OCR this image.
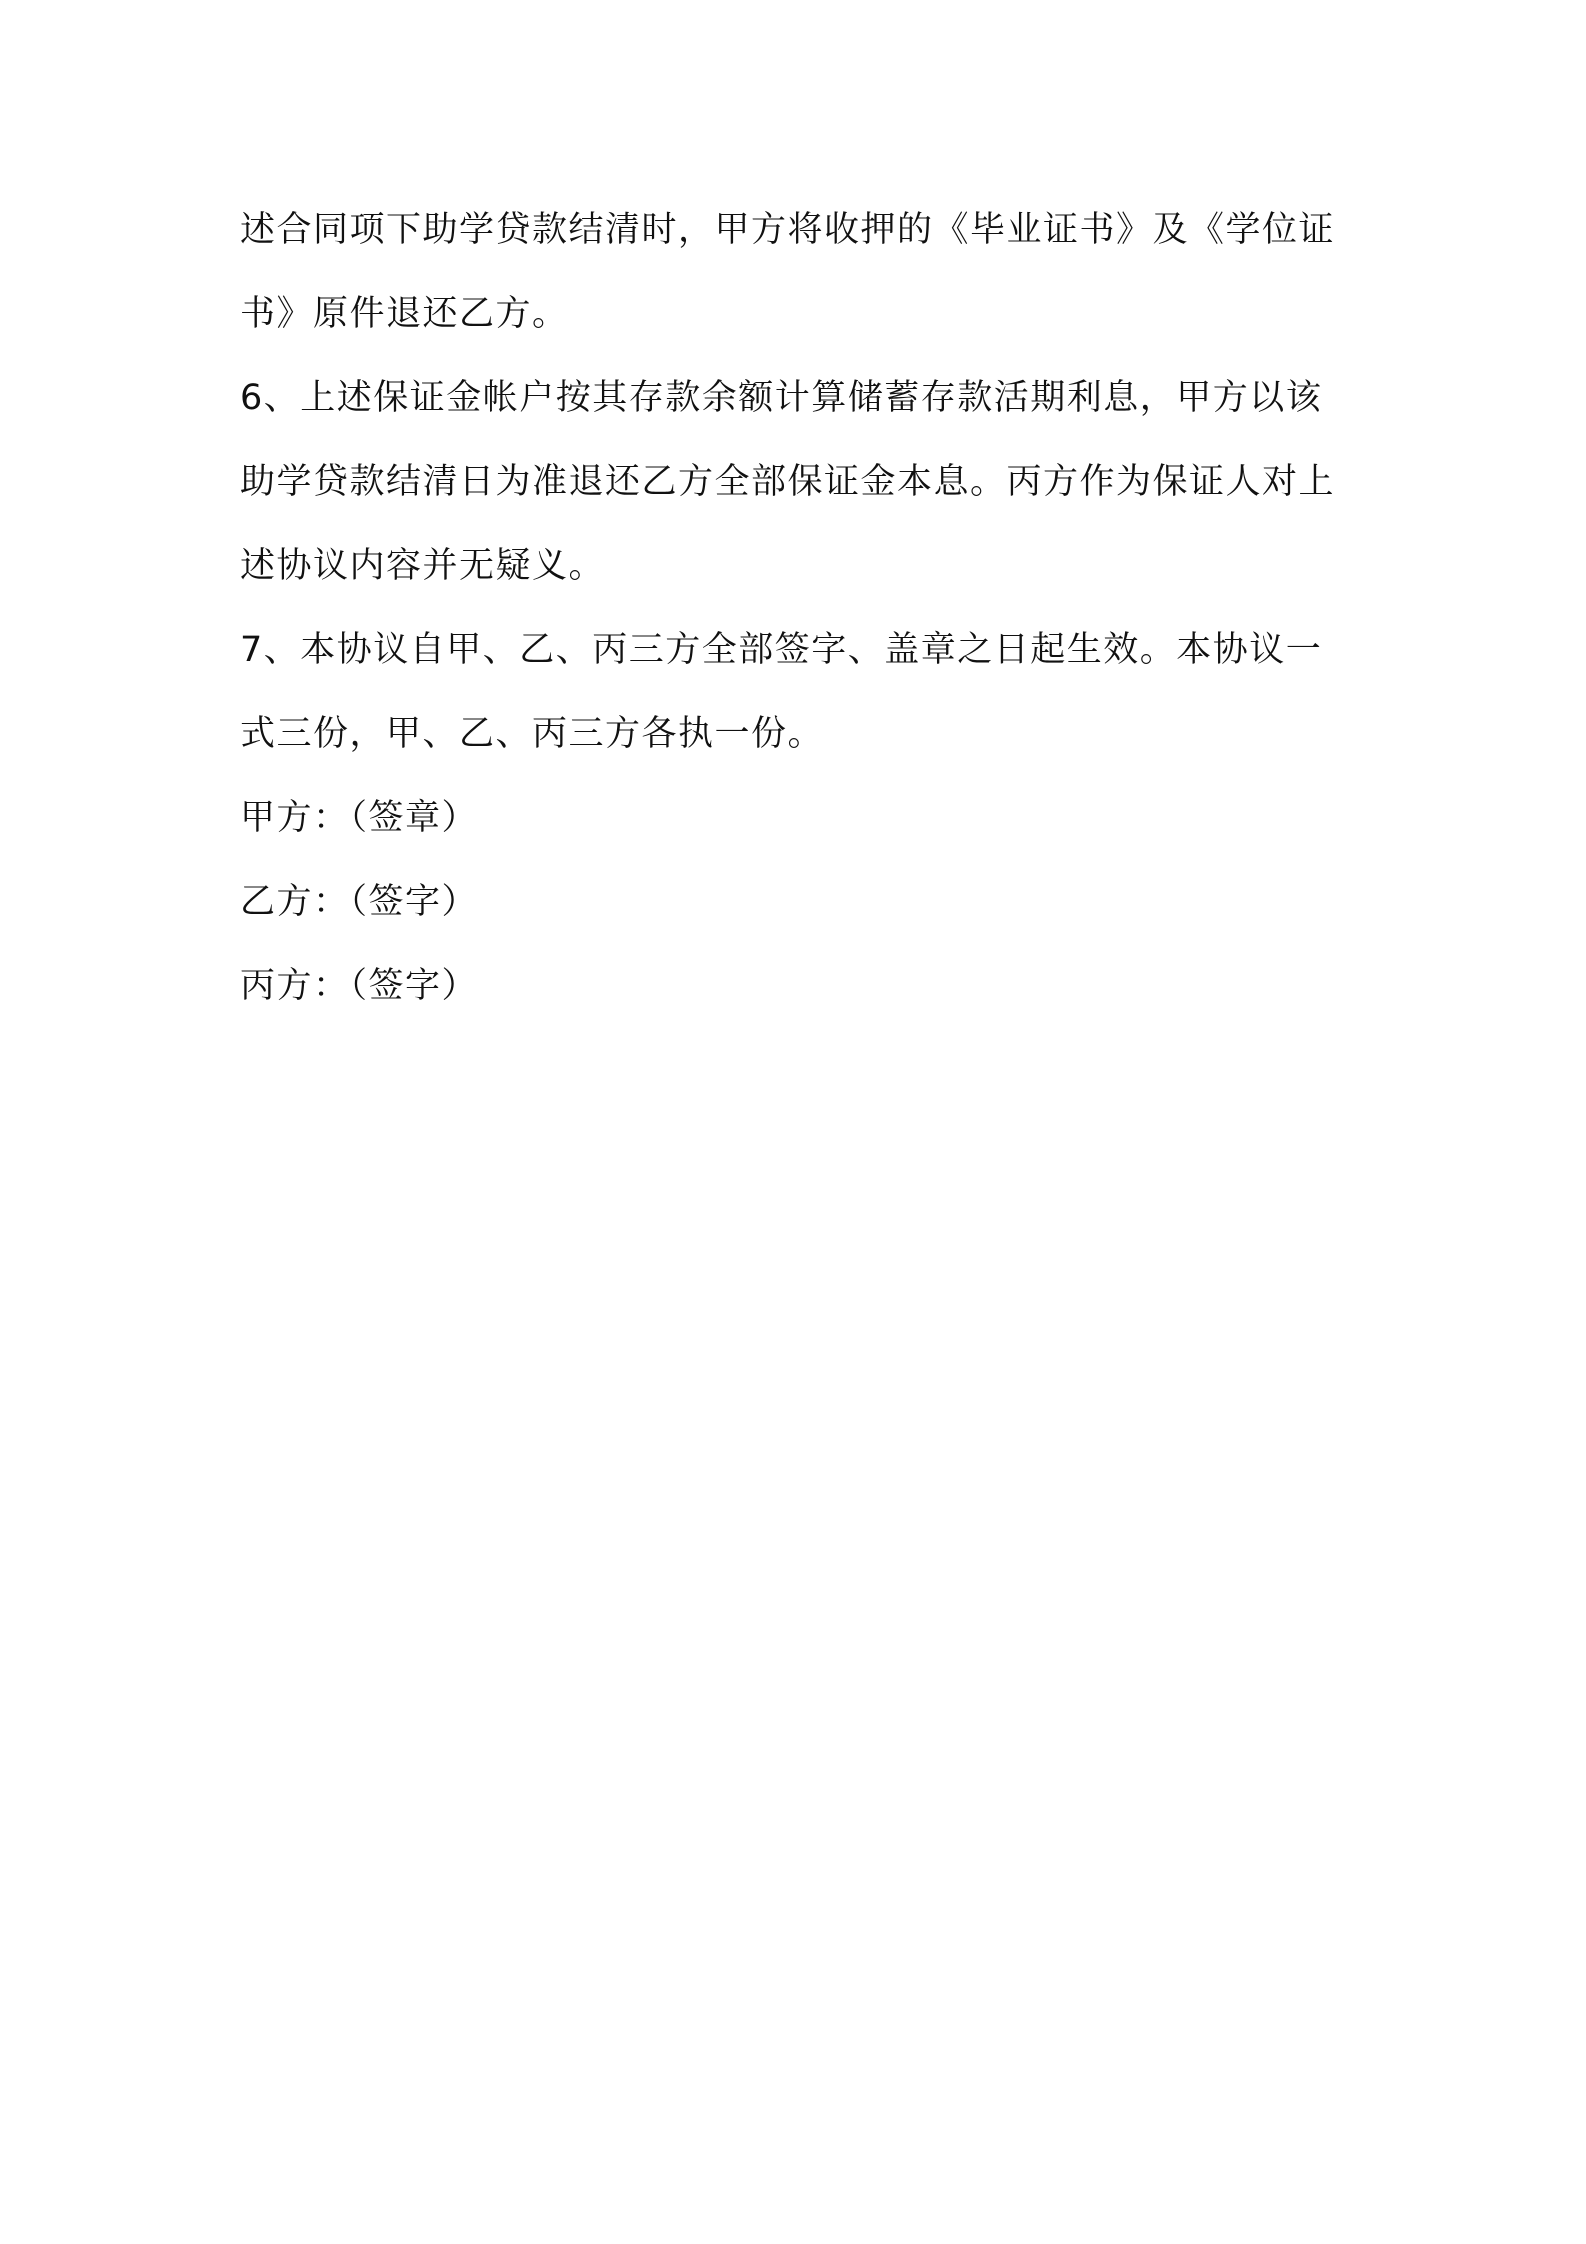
述合同项下助学贷款结清时，甲方将收押的《毕业证书》及《学位证
书》原件退还乙方。
6、上述保证金帐户按其存款余额计算储蓄存款活期利息，甲方以该
助学贷款结清日为准退还乙方全部保证金本息。丙方作为保证人对上
述协议内容并无疑义。
7、本协议自甲、乙、丙三方全部签字、盖章之日起生效。本协议一
式三份，甲、乙、丙三方各执一份。
甲方：（签章）
乙方：（签字）
丙方：（签字）
